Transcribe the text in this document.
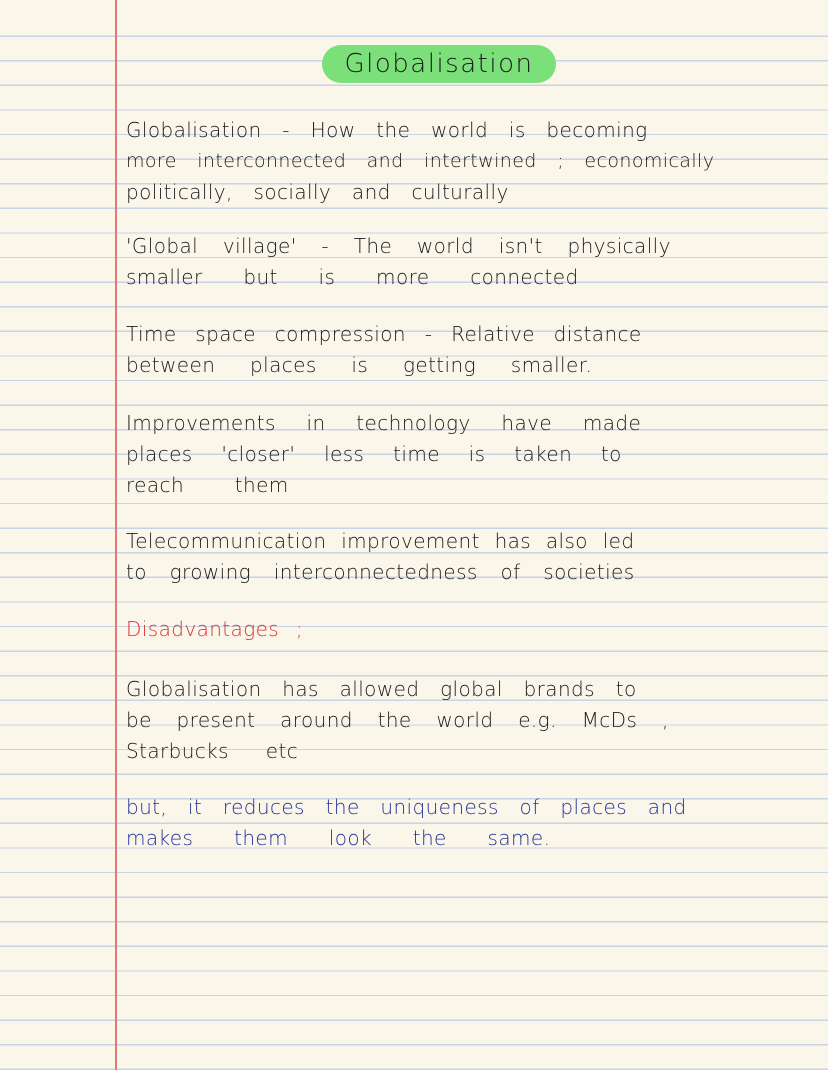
Globalisation
Globalisation - How the world is becoming
more interconnected and intertwined ; economically
politically, socially and culturally
'Global village' - The world isn't physically
smaller but is more connected
Time space compression - Relative distance
between places is getting smaller.
Improvements in technology have made
places 'closer' less time is taken to
reach them
Telecommunication improvement has also led
to growing interconnectedness of societies
Disadvantages ;
Globalisation has allowed global brands to
be present around the world e.g. McDs ,
Starbucks etc
but, it reduces the uniqueness of places and
makes them look the same.
